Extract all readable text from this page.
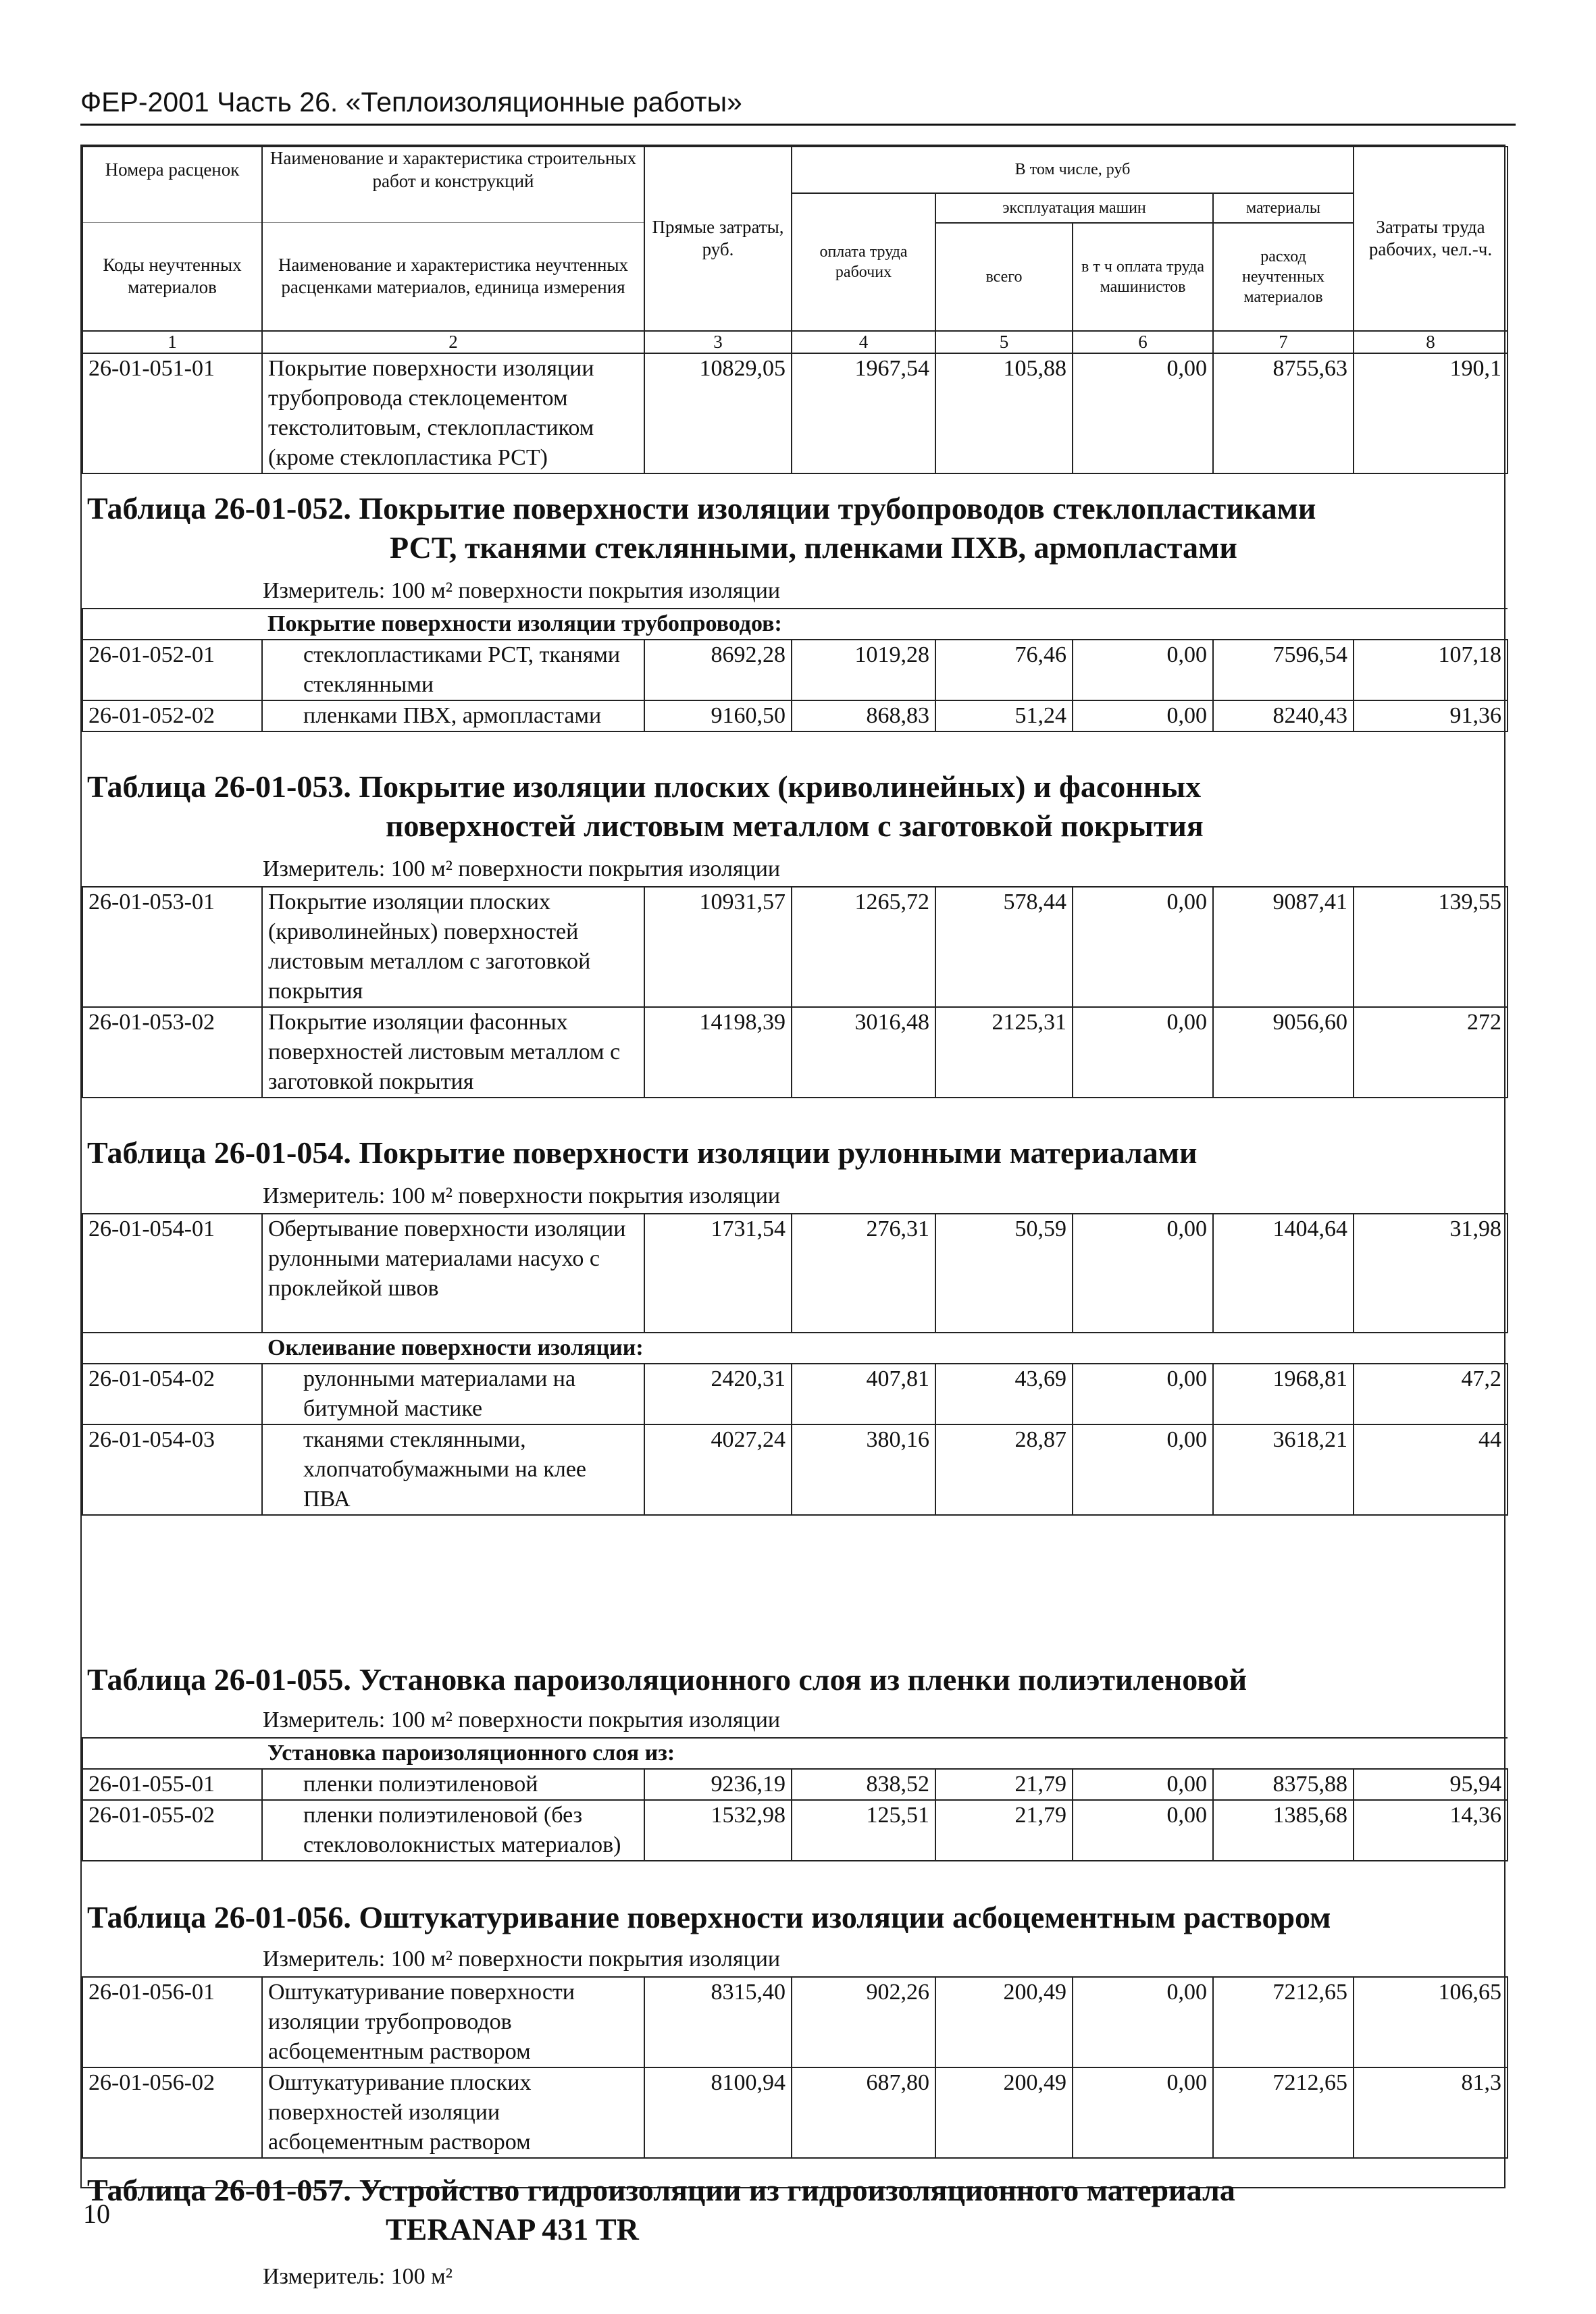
ФЕР-2001 Часть 26. «Теплоизоляционные работы»
Номера расценок	Наименование и характеристика строительных работ и конструкций	Прямые затраты, руб.	В том числе, руб				Затраты труда рабочих, чел.-ч.
			оплата труда рабочих	эксплуатация машин		материалы	
Коды неучтенных материалов	Наименование и характеристика неучтенных расценками материалов, единица измерения			всего	в т ч оплата труда машинистов	расход неучтенных материалов	
1	2	3	4	5	6	7	8
26-01-051-01	Покрытие поверхности изоляции трубопровода стеклоцементом текстолитовым, стеклопластиком (кроме стеклопластика РСТ)	10829,05	1967,54	105,88	0,00	8755,63	190,1
Таблица 26-01-052. Покрытие поверхности изоляции трубопроводов стеклопластиками
РСТ, тканями стеклянными, пленками ПХВ, армопластами
Измеритель: 100 м² поверхности покрытия изоляции
	Покрытие поверхности изоляции трубопроводов:						
26-01-052-01	стеклопластиками РСТ, тканями стеклянными	8692,28	1019,28	76,46	0,00	7596,54	107,18
26-01-052-02	пленками ПВХ, армопластами	9160,50	868,83	51,24	0,00	8240,43	91,36
Таблица 26-01-053. Покрытие изоляции плоских (криволинейных) и фасонных
поверхностей листовым металлом с заготовкой покрытия
Измеритель: 100 м² поверхности покрытия изоляции
26-01-053-01	Покрытие изоляции плоских (криволинейных) поверхностей листовым металлом с заготовкой покрытия	10931,57	1265,72	578,44	0,00	9087,41	139,55
26-01-053-02	Покрытие изоляции фасонных поверхностей листовым металлом с заготовкой покрытия	14198,39	3016,48	2125,31	0,00	9056,60	272
Таблица 26-01-054. Покрытие поверхности изоляции рулонными материалами
Измеритель: 100 м² поверхности покрытия изоляции
26-01-054-01	Обертывание поверхности изоляции рулонными материалами насухо с проклейкой швов	1731,54	276,31	50,59	0,00	1404,64	31,98
	Оклеивание поверхности изоляции:						
26-01-054-02	рулонными материалами на битумной мастике	2420,31	407,81	43,69	0,00	1968,81	47,2
26-01-054-03	тканями стеклянными, хлопчатобумажными на клее ПВА	4027,24	380,16	28,87	0,00	3618,21	44
Таблица 26-01-055. Установка пароизоляционного слоя из пленки полиэтиленовой
Измеритель: 100 м² поверхности покрытия изоляции
	Установка пароизоляционного слоя из:						
26-01-055-01	пленки полиэтиленовой	9236,19	838,52	21,79	0,00	8375,88	95,94
26-01-055-02	пленки полиэтиленовой (без стекловолокнистых материалов)	1532,98	125,51	21,79	0,00	1385,68	14,36
Таблица 26-01-056. Оштукатуривание поверхности изоляции асбоцементным раствором
Измеритель: 100 м² поверхности покрытия изоляции
26-01-056-01	Оштукатуривание поверхности изоляции трубопроводов асбоцементным раствором	8315,40	902,26	200,49	0,00	7212,65	106,65
26-01-056-02	Оштукатуривание плоских поверхностей изоляции асбоцементным раствором	8100,94	687,80	200,49	0,00	7212,65	81,3
Таблица 26-01-057. Устройство гидроизоляции из гидроизоляционного материала
TERANAP 431 TR
Измеритель: 100 м²
10
